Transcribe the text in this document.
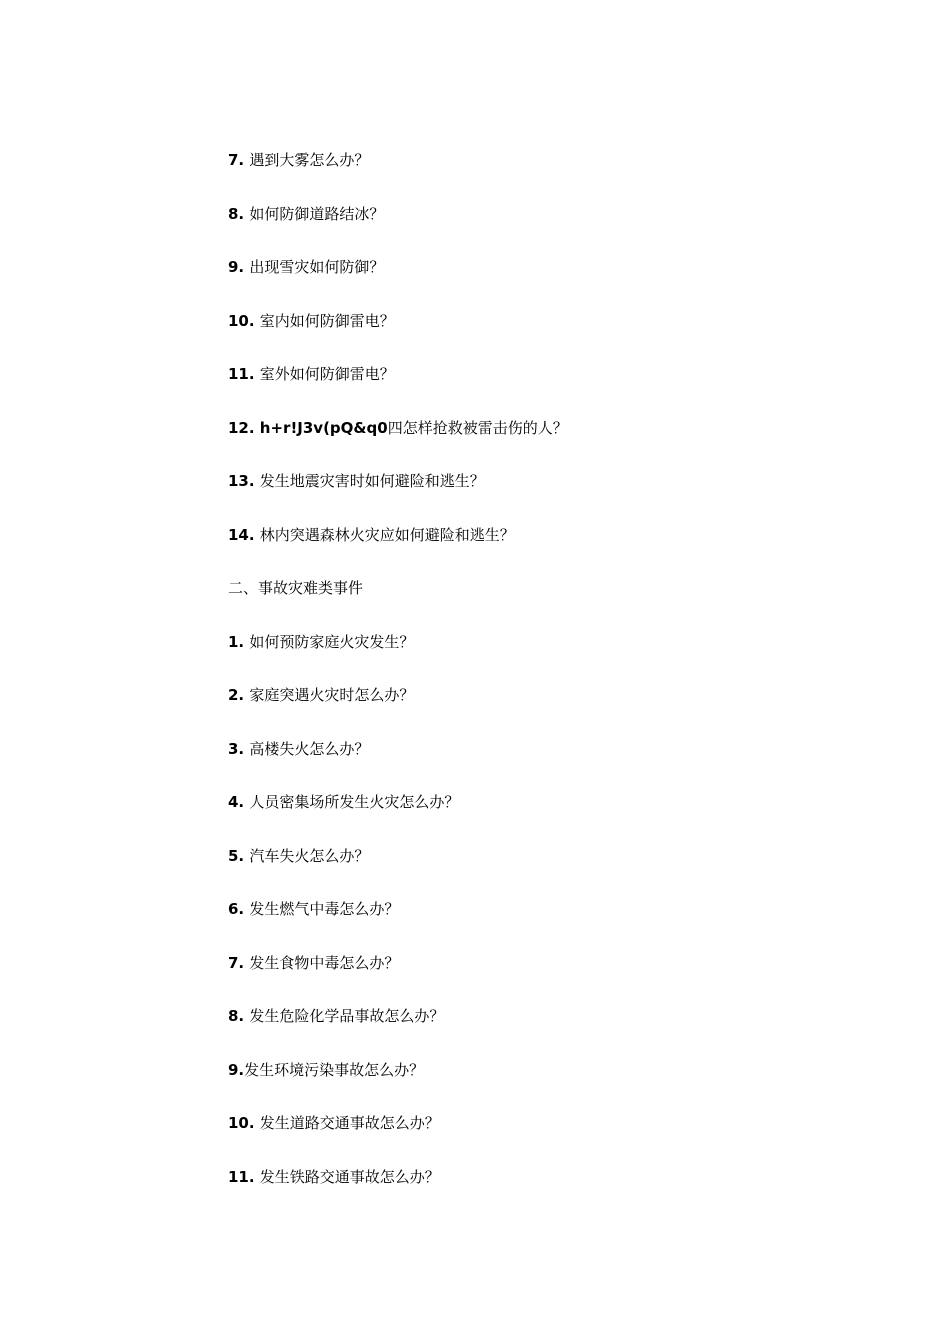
7. 遇到大雾怎么办？
8. 如何防御道路结冰？
9. 出现雪灾如何防御？
10. 室内如何防御雷电？
11. 室外如何防御雷电？
12. h+r!J3v(pQ&q0四怎样抢救被雷击伤的人？
13. 发生地震灾害时如何避险和逃生？
14. 林内突遇森林火灾应如何避险和逃生？
二、事故灾难类事件
1. 如何预防家庭火灾发生？
2. 家庭突遇火灾时怎么办？
3. 高楼失火怎么办？
4. 人员密集场所发生火灾怎么办？
5. 汽车失火怎么办？
6. 发生燃气中毒怎么办？
7. 发生食物中毒怎么办？
8. 发生危险化学品事故怎么办？
9.发生环境污染事故怎么办？
10. 发生道路交通事故怎么办？
11. 发生铁路交通事故怎么办？
